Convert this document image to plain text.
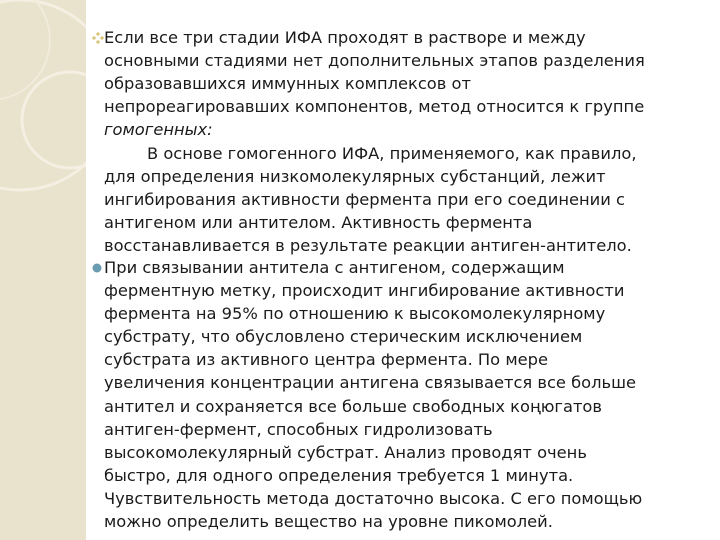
Если все три стадии ИФА проходят в растворе и между
основными стадиями нет дополнительных этапов разделения
образовавшихся иммунных комплексов от
непрореагировавших компонентов, метод относится к группе
гомогенных:
В основе гомогенного ИФА, применяемого, как правило,
для определения низкомолекулярных субстанций, лежит
ингибирования активности фермента при его соединении с
антигеном или антителом. Активность фермента
восстанавливается в результате реакции антиген-антитело.
При связывании антитела с антигеном, содержащим
ферментную метку, происходит ингибирование активности
фермента на 95% по отношению к высокомолекулярному
субстрату, что обусловлено стерическим исключением
субстрата из активного центра фермента. По мере
увеличения концентрации антигена связывается все больше
антител и сохраняется все больше свободных коңюгатов
антиген-фермент, способных гидролизовать
высокомолекулярный субстрат. Анализ проводят очень
быстро, для одного определения требуется 1 минута.
Чувствительность метода достаточно высока. С его помощью
можно определить вещество на уровне пикомолей.
